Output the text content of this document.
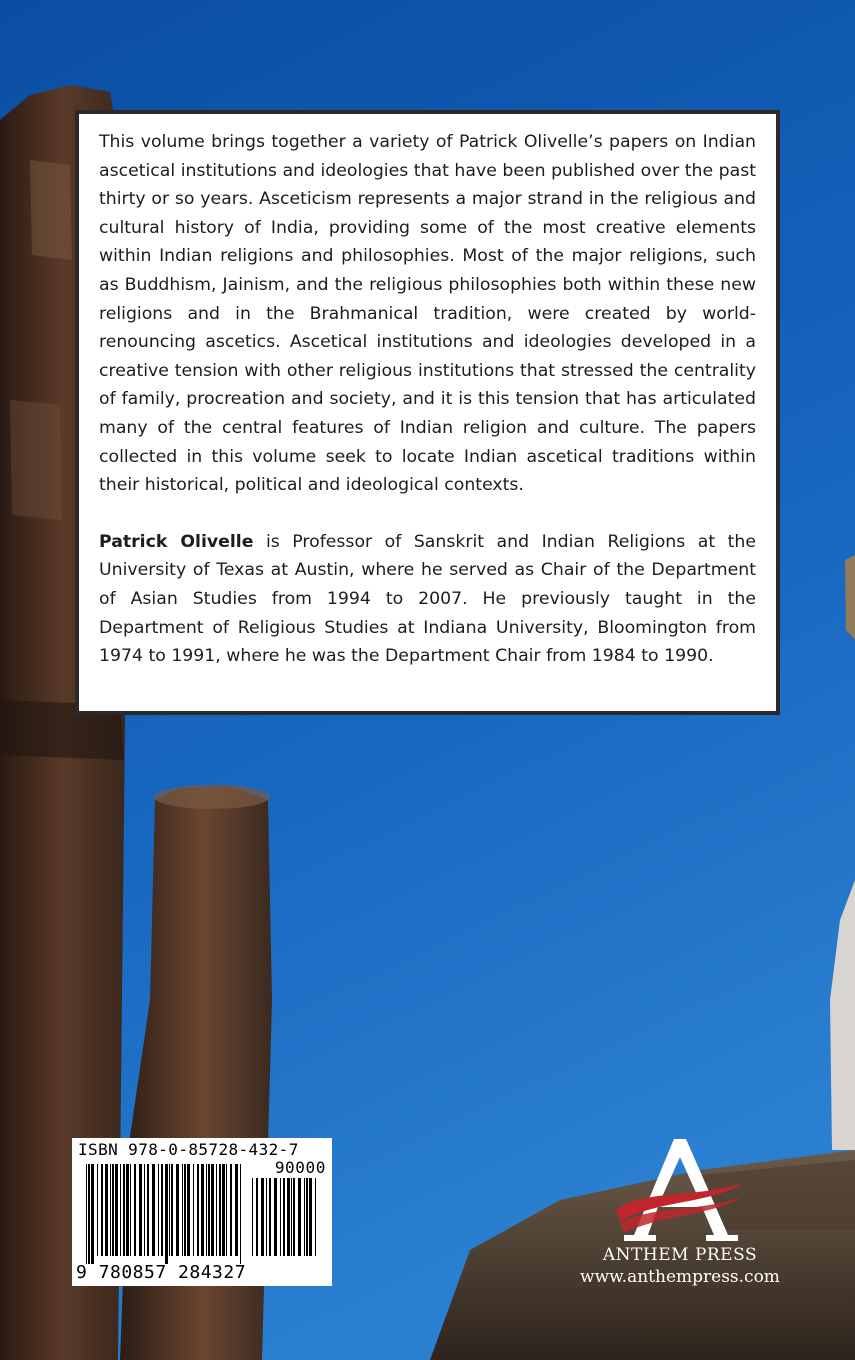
This volume brings together a variety of Patrick Olivelle’s papers on Indian ascetical institutions and ideologies that have been published over the past thirty or so years. Asceticism represents a major strand in the religious and cultural history of India, providing some of the most creative elements within Indian religions and philosophies. Most of the major religions, such as Buddhism, Jainism, and the religious philosophies both within these new religions and in the Brahmanical tradition, were created by world-renouncing ascetics. Ascetical institutions and ideologies developed in a creative tension with other religious institutions that stressed the centrality of family, procreation and society, and it is this tension that has articulated many of the central features of Indian religion and culture. The papers collected in this volume seek to locate Indian ascetical traditions within their historical, political and ideological contexts.

Patrick Olivelle is Professor of Sanskrit and Indian Religions at the University of Texas at Austin, where he served as Chair of the Department of Asian Studies from 1994 to 2007. He previously taught in the Department of Religious Studies at Indiana University, Bloomington from 1974 to 1991, where he was the Department Chair from 1984 to 1990.

ISBN 978-0-85728-432-7
90000
9 780857 284327
ANTHEM PRESS
www.anthempress.com
